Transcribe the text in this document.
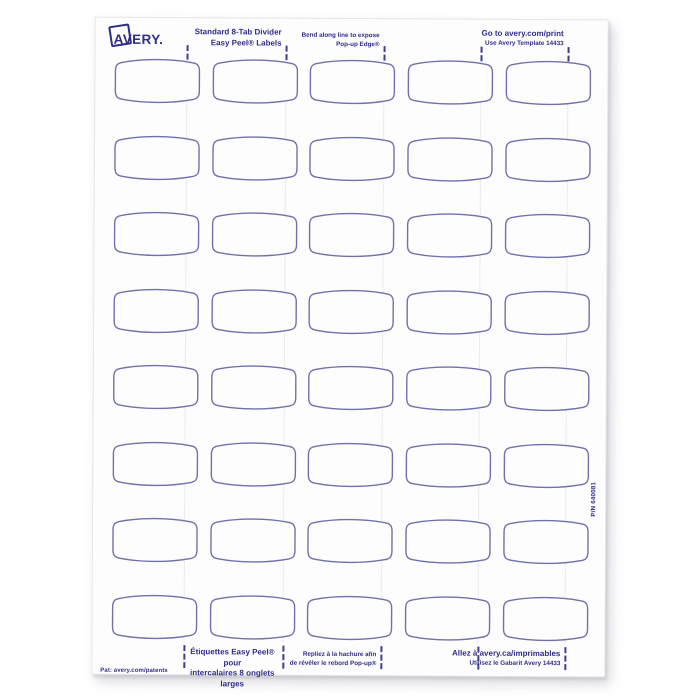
AVERY.	Standard 8-Tab Divider
Easy Peel® Labels
Bend along line to expose
Pop-up Edge®
Go to avery.com/print
Use Avery Template 14433
P/N 640081
Étiquettes Easy Peel® pour
intercalaires 8 onglets larges
Repliez à la hachure afin
de révéler le rebord Pop-up®
Allez à avery.ca/imprimables
Utilisez le Gabarit Avery 14433
Pat: avery.com/patents
